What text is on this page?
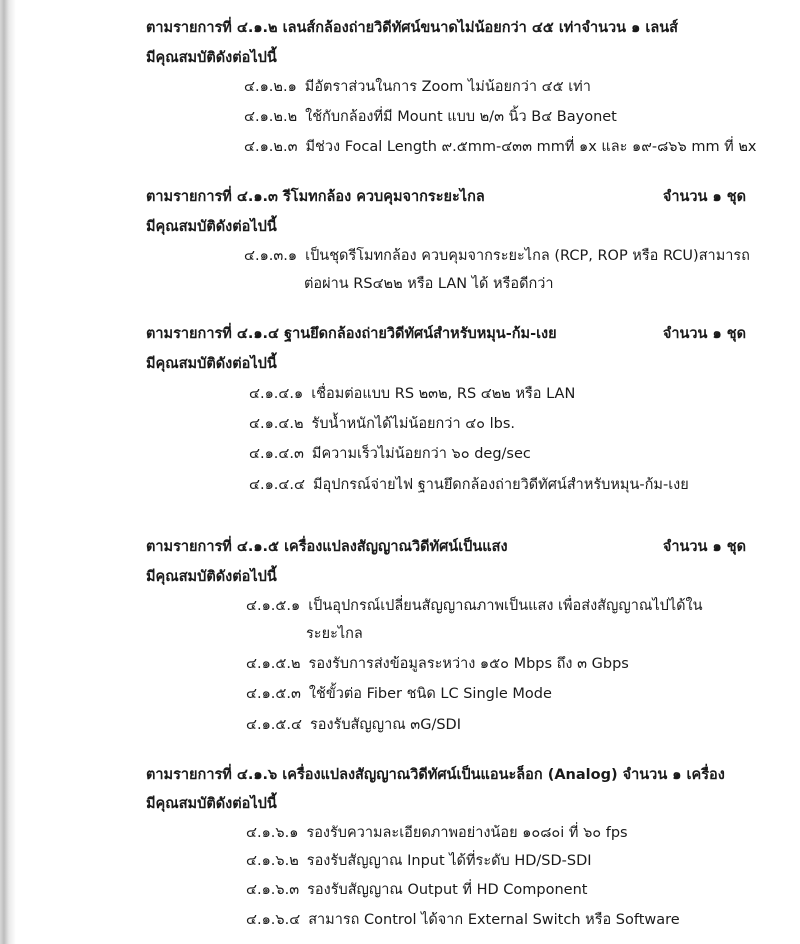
ตามรายการที่ ๔.๑.๒ เลนส์กล้องถ่ายวิดีทัศน์ขนาดไม่น้อยกว่า ๔๕ เท่าจำนวน ๑ เลนส์
มีคุณสมบัติดังต่อไปนี้
๔.๑.๒.๑ มีอัตราส่วนในการ Zoom ไม่น้อยกว่า ๔๕ เท่า
๔.๑.๒.๒ ใช้กับกล้องที่มี Mount แบบ ๒/๓ นิ้ว B๔ Bayonet
๔.๑.๒.๓ มีช่วง Focal Length ๙.๕mm-๔๓๓ mmที่ ๑x และ ๑๙-๘๖๖ mm ที่ ๒x
ตามรายการที่ ๔.๑.๓ รีโมทกล้อง ควบคุมจากระยะไกล	จำนวน ๑ ชุด
มีคุณสมบัติดังต่อไปนี้
๔.๑.๓.๑ เป็นชุดรีโมทกล้อง ควบคุมจากระยะไกล (RCP, ROP หรือ RCU)สามารถ
ต่อผ่าน RS๔๒๒ หรือ LAN ได้ หรือดีกว่า
ตามรายการที่ ๔.๑.๔ ฐานยึดกล้องถ่ายวิดีทัศน์สำหรับหมุน-ก้ม-เงย	จำนวน ๑ ชุด
มีคุณสมบัติดังต่อไปนี้
๔.๑.๔.๑ เชื่อมต่อแบบ RS ๒๓๒, RS ๔๒๒ หรือ LAN
๔.๑.๔.๒ รับน้ำหนักได้ไม่น้อยกว่า ๔๐ lbs.
๔.๑.๔.๓ มีความเร็วไม่น้อยกว่า ๖๐ deg/sec
๔.๑.๔.๔ มีอุปกรณ์จ่ายไฟ ฐานยึดกล้องถ่ายวิดีทัศน์สำหรับหมุน-ก้ม-เงย
ตามรายการที่ ๔.๑.๕ เครื่องแปลงสัญญาณวิดีทัศน์เป็นแสง	จำนวน ๑ ชุด
มีคุณสมบัติดังต่อไปนี้
๔.๑.๕.๑ เป็นอุปกรณ์เปลี่ยนสัญญาณภาพเป็นแสง เพื่อส่งสัญญาณไปได้ใน
ระยะไกล
๔.๑.๕.๒ รองรับการส่งข้อมูลระหว่าง ๑๕๐ Mbps ถึง ๓ Gbps
๔.๑.๕.๓ ใช้ขั้วต่อ Fiber ชนิด LC Single Mode
๔.๑.๕.๔ รองรับสัญญาณ ๓G/SDI
ตามรายการที่ ๔.๑.๖ เครื่องแปลงสัญญาณวิดีทัศน์เป็นแอนะล็อก (Analog) จำนวน ๑ เครื่อง
มีคุณสมบัติดังต่อไปนี้
๔.๑.๖.๑ รองรับความละเอียดภาพอย่างน้อย ๑๐๘๐i ที่ ๖๐ fps
๔.๑.๖.๒ รองรับสัญญาณ Input ได้ที่ระดับ HD/SD-SDI
๔.๑.๖.๓ รองรับสัญญาณ Output ที่ HD Component
๔.๑.๖.๔ สามารถ Control ได้จาก External Switch หรือ Software
